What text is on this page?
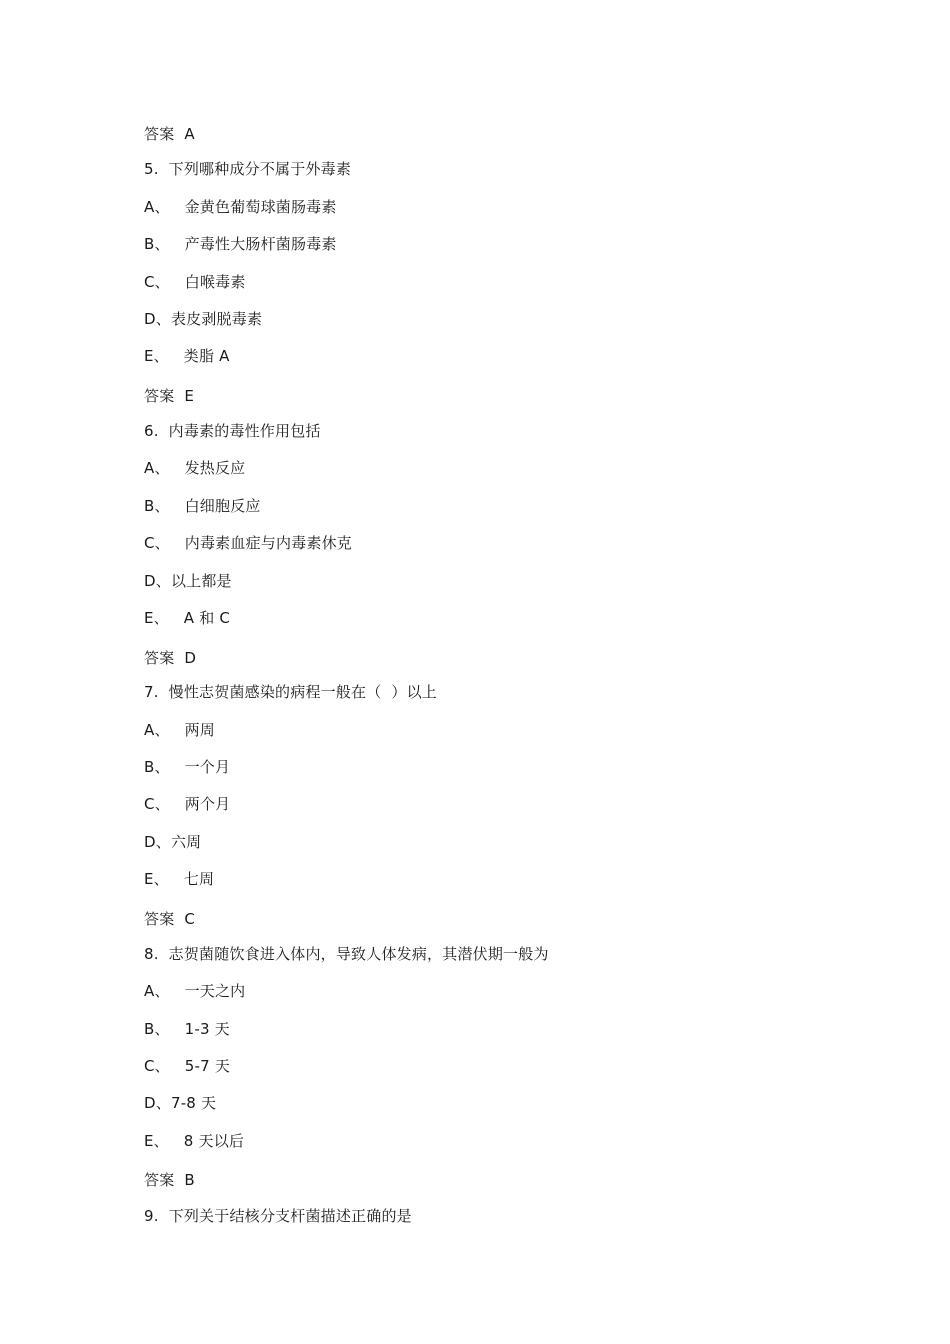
答案  A
5.  下列哪种成分不属于外毒素
A、   金黄色葡萄球菌肠毒素
B、   产毒性大肠杆菌肠毒素
C、   白喉毒素
D、表皮剥脱毒素
E、   类脂 A
答案  E
6.  内毒素的毒性作用包括
A、   发热反应
B、   白细胞反应
C、   内毒素血症与内毒素休克
D、以上都是
E、   A 和 C
答案  D
7.  慢性志贺菌感染的病程一般在（  ）以上
A、   两周
B、   一个月
C、   两个月
D、六周
E、   七周
答案  C
8.  志贺菌随饮食进入体内，导致人体发病，其潜伏期一般为
A、   一天之内
B、   1-3 天
C、   5-7 天
D、7-8 天
E、   8 天以后
答案  B
9.  下列关于结核分支杆菌描述正确的是
